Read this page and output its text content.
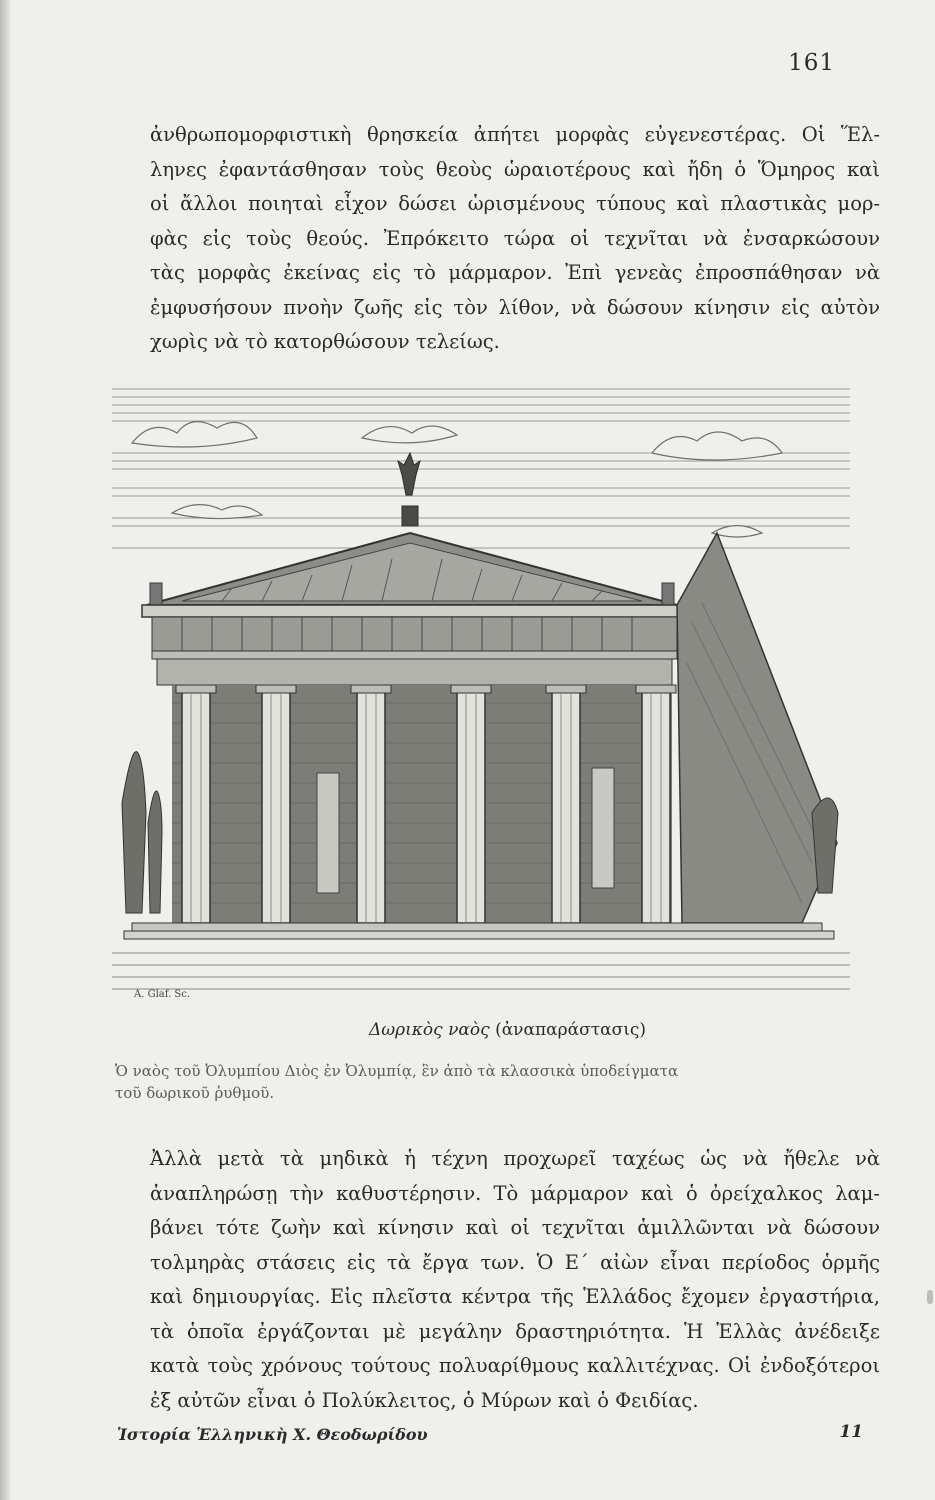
161
ἀνθρωπομορφιστικὴ θρησκεία ἀπήτει μορφὰς εὐγενεστέρας. Οἱ Ἕλ-
ληνες ἐφαντάσθησαν τοὺς θεοὺς ὡραιοτέρους καὶ ἤδη ὁ Ὅμηρος καὶ
οἱ ἄλλοι ποιηταὶ εἶχον δώσει ὡρισμένους τύπους καὶ πλαστικὰς μορ-
φὰς εἰς τοὺς θεούς. Ἐπρόκειτο τώρα οἱ τεχνῖται νὰ ἐνσαρκώσουν
τὰς μορφὰς ἐκείνας εἰς τὸ μάρμαρον. Ἐπὶ γενεὰς ἐπροσπάθησαν νὰ
ἐμφυσήσουν πνοὴν ζωῆς εἰς τὸν λίθον, νὰ δώσουν κίνησιν εἰς αὐτὸν
χωρὶς νὰ τὸ κατορθώσουν τελείως.
A. Glaf. Sc.
Δωρικὸς ναὸς (ἀναπαράστασις)
Ὁ ναὸς τοῦ Ὀλυμπίου Διὸς ἐν Ὀλυμπίᾳ, ἓν ἀπὸ τὰ κλασσικὰ ὑποδείγματα
τοῦ δωρικοῦ ῥυθμοῦ.
Ἀλλὰ μετὰ τὰ μηδικὰ ἡ τέχνη προχωρεῖ ταχέως ὡς νὰ ἤθελε νὰ
ἀναπληρώσῃ τὴν καθυστέρησιν. Τὸ μάρμαρον καὶ ὁ ὀρείχαλκος λαμ-
βάνει τότε ζωὴν καὶ κίνησιν καὶ οἱ τεχνῖται ἁμιλλῶνται νὰ δώσουν
τολμηρὰς στάσεις εἰς τὰ ἔργα των. Ὁ Ε΄ αἰὼν εἶναι περίοδος ὁρμῆς
καὶ δημιουργίας. Εἰς πλεῖστα κέντρα τῆς Ἑλλάδος ἔχομεν ἐργαστήρια,
τὰ ὁποῖα ἐργάζονται μὲ μεγάλην δραστηριότητα. Ἡ Ἑλλὰς ἀνέδειξε
κατὰ τοὺς χρόνους τούτους πολυαρίθμους καλλιτέχνας. Οἱ ἐνδοξότεροι
ἐξ αὐτῶν εἶναι ὁ Πολύκλειτος, ὁ Μύρων καὶ ὁ Φειδίας.
Ἱστορία Ἑλληνικὴ Χ. Θεοδωρίδου	11
